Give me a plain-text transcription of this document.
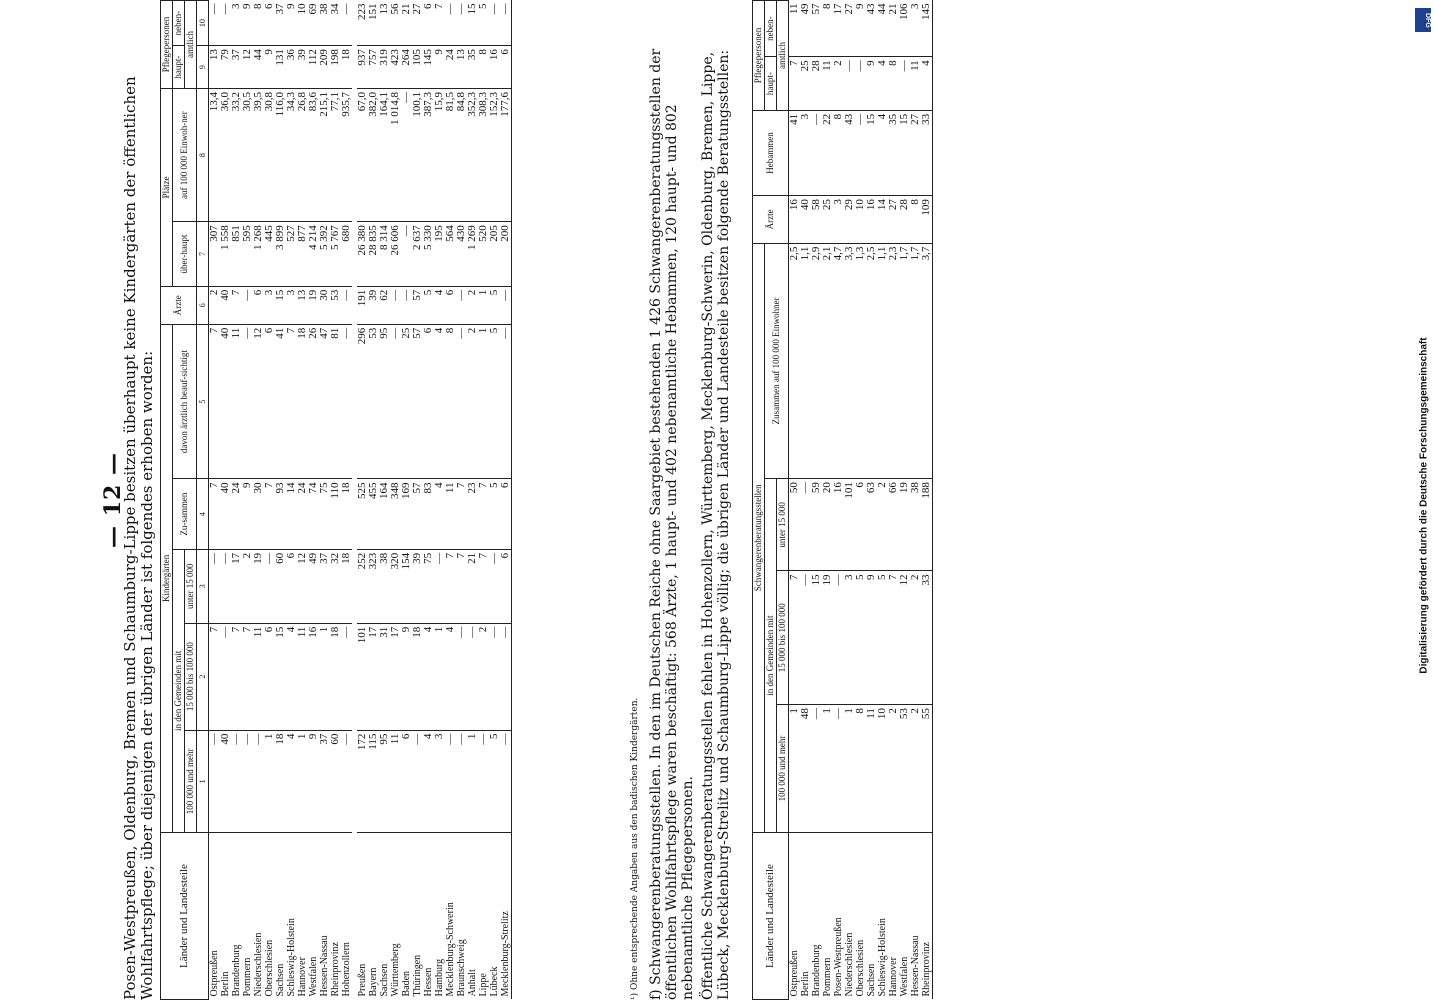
— 12 —
Posen-Westpreußen, Oldenburg, Bremen und Schaumburg-Lippe besitzen überhaupt keine Kindergärten der öffentlichen Wohlfahrtspflege; über diejenigen der übrigen Länder ist folgendes erhoben worden: Länder und Landesteile	Kindergärten					Ärzte	Plätze		Pflegepersonen	
	in den Gemeinden mit			Zu-sammen	davon ärztlich beauf-sichtigt		über-haupt	auf 100 000 Einwoh-ner	haupt-	neben-
	100 000 und mehr	15 000 bis 100 000	unter 15 000						amtlich	
	1	2	3	4	5	6	7	8	9	10
Ostpreußen	—	7	—	7	7	2	307	13,4	13	—
Berlin	40	—	—	40	40	40	1 558	36,0	79	—
Brandenburg	—	7	17	24	11	7	851	33,2	37	3
Pommern	—	7	2	9	—	—	595	30,5	12	9
Niederschlesien	—	11	19	30	12	6	1 268	39,5	44	8
Oberschlesien	1	6	—	7	6	3	445	30,8	9	6
Sachsen	18	15	60	93	41	15	3 899	116,0	131	37
Schleswig-Holstein	4	4	6	14	7	3	527	34,3	36	9
Hannover	1	11	12	24	18	13	877	26,8	39	10
Westfalen	9	16	49	74	26	19	4 214	83,6	112	69
Hessen-Nassau	37	1	37	75	47	30	5 392	215,1	209	38
Rheinprovinz	60	18	32	110	81	53	5 767	77,1	198	34
Hohenzollern	—	—	18	18	—	—	680	935,7	18	—

Preußen	172	101	252	525	296	191	26 380	67,0	937	223
Bayern	115	17	323	455	53	39	28 835	382,0	757	151
Sachsen	95	31	38	164	95	62	8 314	164,1	319	13
Württemberg	11	17	320	348	—	—	26 606	1 014,8	423	56
Baden	6	9	154	169	25	—	—	—	264	21
Thüringen	—	18	39	57	57	57	2 637	100,1	105	27
Hessen	4	4	75	83	6	5	5 330	387,3	145	6
Hamburg	3	1	—	4	4	4	195	15,9	9	7
Mecklenburg-Schwerin	—	4	7	11	8	6	564	81,5	24	—
Braunschweig	—	—	7	7	—	—	430	84,8	13	—
Anhalt	1	—	21	23	2	2	1 269	352,3	35	15
Lippe	—	2	7	7	1	1	520	308,3	8	5
Lübeck	5	—	—	5	5	5	205	152,3	16	—
Mecklenburg-Strelitz	—	—	6	6	—	—	200	177,6	6	—

¹) Ohne entsprechende Angaben aus den badischen Kindergärten. f) Schwangerenberatungsstellen. In den im Deutschen Reiche ohne Saargebiet bestehenden 1 426 Schwangerenberatungsstellen der öffentlichen Wohlfahrtspflege waren beschäftigt: 568 Ärzte, 1 haupt- und 402 nebenamtliche Hebammen, 120 haupt- und 802 nebenamtliche Pflegepersonen. Öffentliche Schwangerenberatungsstellen fehlen in Hohenzollern, Württemberg, Mecklenburg-Schwerin, Oldenburg, Bremen, Lippe, Lübeck, Mecklenburg-Strelitz und Schaumburg-Lippe völlig; die übrigen Länder und Landesteile besitzen folgende Beratungsstellen:	Länder und Landesteile	Schwangerenberatungsstellen				Ärzte	Hebammen	Pflegepersonen	
	in den Gemeinden mit			Zusammen auf 100 000 Einwohner			haupt-	neben-
	100 000 und mehr	15 000 bis 100 000	unter 15 000				amtlich	
Ostpreußen	1	7	50	2,5	16	41	7	11
Berlin	48	—	—	1,1	40	3	25	49
Brandenburg	—	15	59	2,9	58	—	28	57
Pommern	1	19	20	2,1	25	22	11	8
Posen-Westpreußen	—	—	16	4,7	3	8	2	17
Niederschlesien	1	3	101	3,3	29	43	—	27
Oberschlesien	8	5	6	1,3	10	—	—	9
Sachsen	11	9	63	2,5	16	15	9	43
Schleswig-Holstein	10	5	2	1,1	14	4	4	44
Hannover	2	7	66	2,3	27	35	8	21
Westfalen	53	12	19	1,7	28	15	—	106
Hessen-Nassau	2	2	38	1,7	8	27	11	3
Rheinprovinz	55	33	188	3,7	109	33	4	145
									DFG
Digitalisierung gefördert durch die Deutsche Forschungsgemeinschaft
